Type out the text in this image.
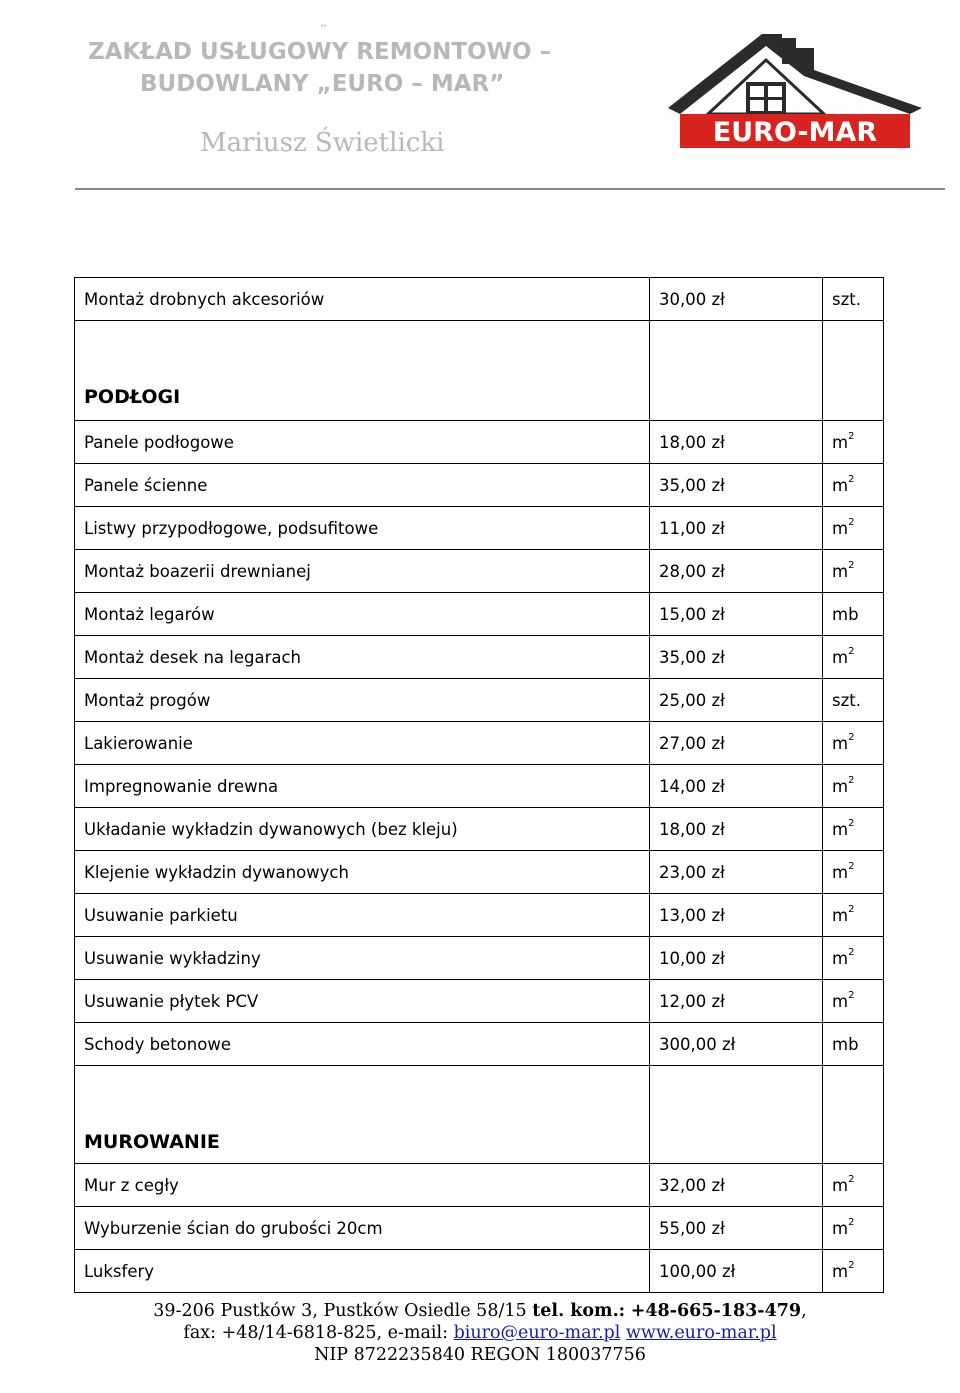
¨
ZAKŁAD USŁUGOWY REMONTOWO –
BUDOWLANY „EURO – MAR”
Mariusz Świetlicki	EURO-MAR
Montaż drobnych akcesoriów	30,00 zł	szt.
PODŁOGI		
Panele podłogowe	18,00 zł	$m^2$
Panele ścienne	35,00 zł	$m^2$
Listwy przypodłogowe, podsufitowe	11,00 zł	$m^2$
Montaż boazerii drewnianej	28,00 zł	$m^2$
Montaż legarów	15,00 zł	mb
Montaż desek na legarach	35,00 zł	$m^2$
Montaż progów	25,00 zł	szt.
Lakierowanie	27,00 zł	$m^2$
Impregnowanie drewna	14,00 zł	$m^2$
Układanie wykładzin dywanowych (bez kleju)	18,00 zł	$m^2$
Klejenie wykładzin dywanowych	23,00 zł	$m^2$
Usuwanie parkietu	13,00 zł	$m^2$
Usuwanie wykładziny	10,00 zł	$m^2$
Usuwanie płytek PCV	12,00 zł	$m^2$
Schody betonowe	300,00 zł	mb
MUROWANIE		
Mur z cegły	32,00 zł	$m^2$
Wyburzenie ścian do grubości 20cm	55,00 zł	$m^2$
Luksfery	100,00 zł	$m^2$
39-206 Pustków 3, Pustków Osiedle 58/15 tel. kom.: +48-665-183-479,
fax: +48/14-6818-825, e-mail: biuro@euro-mar.pl www.euro-mar.pl
NIP 8722235840 REGON 180037756
